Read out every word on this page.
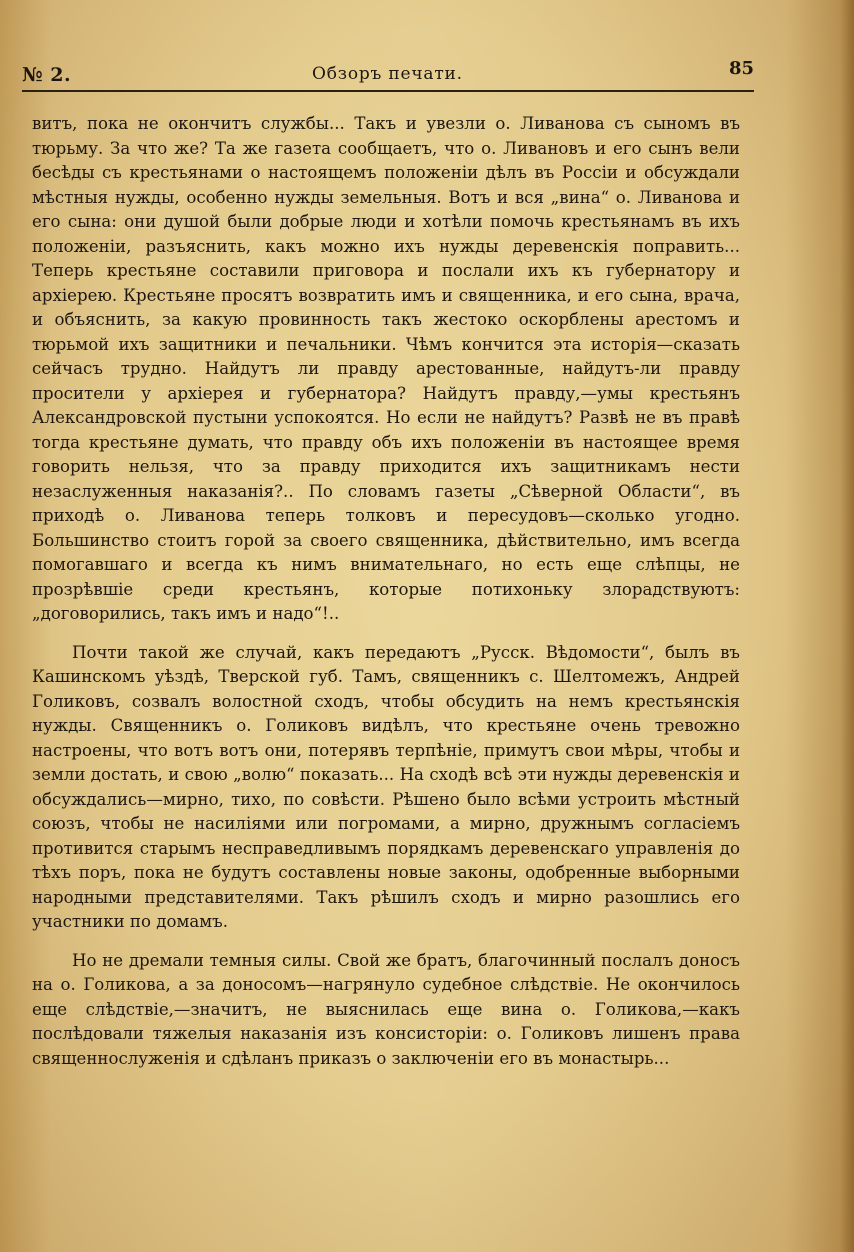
№ 2.	Обзоръ печати.	85

витъ, пока не окончитъ службы... Такъ и увезли о. Ливанова съ сыномъ въ тюрьму. За что же? Та же газета сообщаетъ, что о. Ливановъ и его сынъ вели бесѣды съ крестьянами о настоящемъ положенiи дѣлъ въ Россiи и обсуждали мѣстныя нужды, особенно нужды земельныя. Вотъ и вся „вина“ о. Ливанова и его сына: они душой были добрые люди и хотѣли помочь крестьянамъ въ ихъ положенiи, разъяснить, какъ можно ихъ нужды деревенскiя поправить... Теперь крестьяне составили приговора и послали ихъ къ губернатору и архiерею. Крестьяне просятъ возвратить имъ и священника, и его сына, врача, и объяснить, за какую провинность такъ жестоко оскорблены арестомъ и тюрьмой ихъ защитники и печальники. Чѣмъ кончится эта исторiя—сказать сейчасъ трудно. Найдутъ ли правду арестованные, найдутъ-ли правду просители у архiерея и губернатора? Найдутъ правду,—умы крестьянъ Александровской пустыни успокоятся. Но если не найдутъ? Развѣ не въ правѣ тогда крестьяне думать, что правду объ ихъ положенiи въ настоящее время говорить нельзя, что за правду приходится ихъ защитникамъ нести незаслуженныя наказанiя?.. По словамъ газеты „Сѣверной Области“, въ приходѣ о. Ливанова теперь толковъ и пересудовъ—сколько угодно. Большинство стоитъ горой за своего священника, дѣйствительно, имъ всегда помогавшаго и всегда къ нимъ внимательнаго, но есть еще слѣпцы, не прозрѣвшiе среди крестьянъ, которые потихоньку злорадствуютъ: „договорились, такъ имъ и надо“!..

Почти такой же случай, какъ передаютъ „Русск. Вѣдомости“, былъ въ Кашинскомъ уѣздѣ, Тверской губ. Тамъ, священникъ с. Шелтомежъ, Андрей Голиковъ, созвалъ волостной сходъ, чтобы обсудить на немъ крестьянскiя нужды. Священникъ о. Голиковъ видѣлъ, что крестьяне очень тревожно настроены, что вотъ вотъ они, потерявъ терпѣнiе, примутъ свои мѣры, чтобы и земли достать, и свою „волю“ показать... На сходѣ всѣ эти нужды деревенскiя и обсуждались—мирно, тихо, по совѣсти. Рѣшено было всѣми устроить мѣстный союзъ, чтобы не насилiями или погромами, а мирно, дружнымъ согласiемъ противится старымъ несправедливымъ порядкамъ деревенскаго управленiя до тѣхъ поръ, пока не будутъ составлены новые законы, одобренные выборными народными представителями. Такъ рѣшилъ сходъ и мирно разошлись его участники по домамъ.

Но не дремали темныя силы. Свой же братъ, благочинный послалъ доносъ на о. Голикова, а за доносомъ—нагрянуло судебное слѣдствiе. Не окончилось еще слѣдствiе,—значитъ, не выяснилась еще вина о. Голикова,—какъ послѣдовали тяжелыя наказанiя изъ консисторiи: о. Голиковъ лишенъ права священнослуженiя и сдѣланъ приказъ о заключенiи его въ монастырь...
